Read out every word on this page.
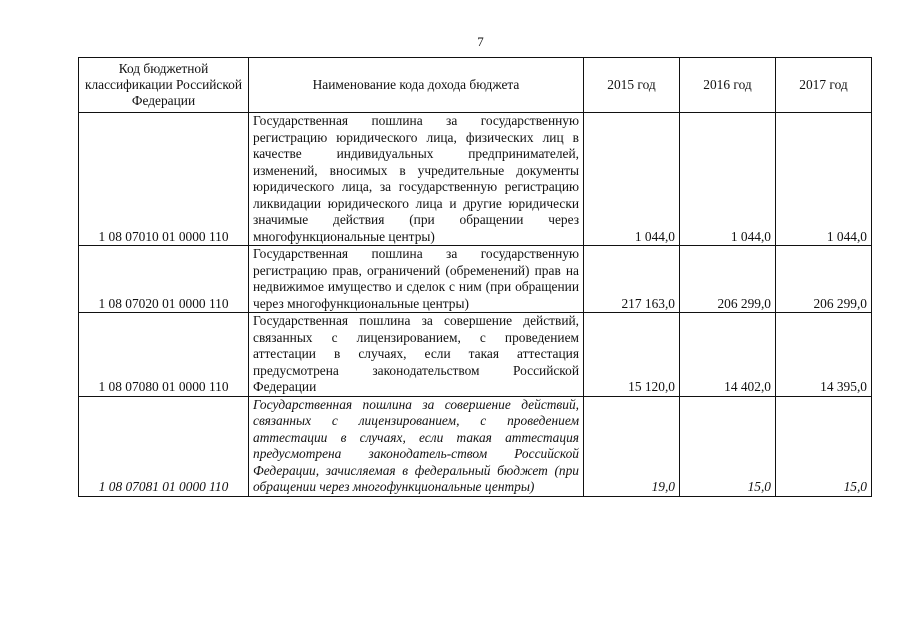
7
Код бюджетной классификации Российской Федерации	Наименование кода дохода бюджета	2015 год	2016 год	2017 год
1 08 07010 01 0000 110	Государственная пошлина за государственную регистрацию юридического лица, физических лиц в качестве индивидуальных предпринимателей, изменений, вносимых в учредительные документы юридического лица, за государственную регистрацию ликвидации юридического лица и другие юридически значимые действия (при обращении через многофункциональные центры)	1 044,0	1 044,0	1 044,0
1 08 07020 01 0000 110	Государственная пошлина за государственную регистрацию прав, ограничений (обременений) прав на недвижимое имущество и сделок с ним (при обращении через многофункциональные центры)	217 163,0	206 299,0	206 299,0
1 08 07080 01 0000 110	Государственная пошлина за совершение действий, связанных с лицензированием, с проведением аттестации в случаях, если такая аттестация предусмотрена законодательством Российской Федерации	15 120,0	14 402,0	14 395,0
1 08 07081 01 0000 110	Государственная пошлина за совершение действий, связанных с лицензированием, с проведением аттестации в случаях, если такая аттестация предусмотрена законодатель-ством Российской Федерации, зачисляемая в федеральный бюджет (при обращении через многофункциональные центры)	19,0	15,0	15,0
